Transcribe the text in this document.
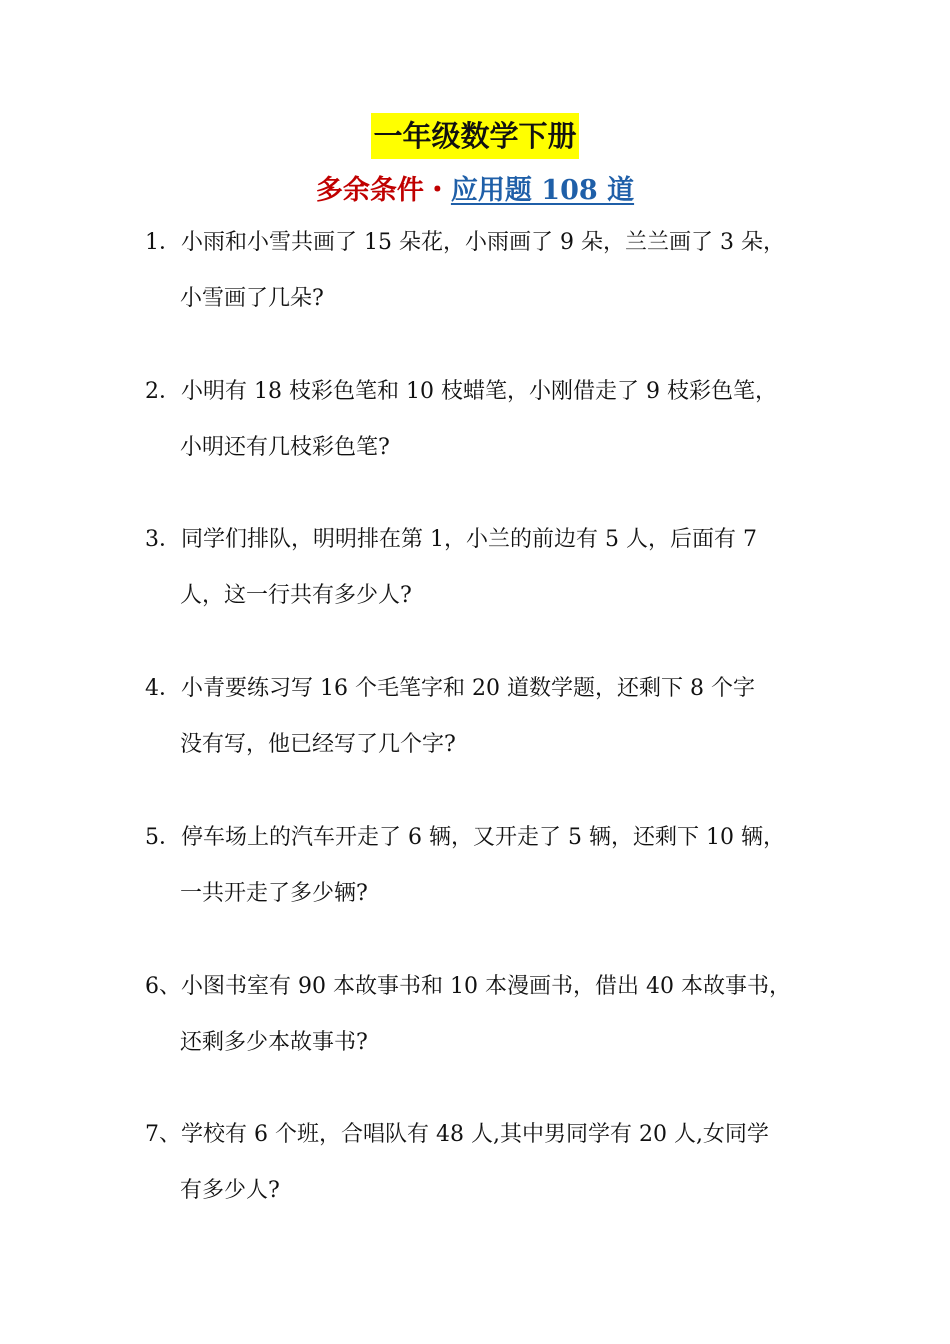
一年级数学下册
多余条件・应用题 108 道
1．小雨和小雪共画了 15 朵花，小雨画了 9 朵，兰兰画了 3 朵，
小雪画了几朵?
2．小明有 18 枝彩色笔和 10 枝蜡笔，小刚借走了 9 枝彩色笔，
小明还有几枝彩色笔?
3．同学们排队，明明排在第 1，小兰的前边有 5 人，后面有 7
人，这一行共有多少人?
4．小青要练习写 16 个毛笔字和 20 道数学题，还剩下 8 个字
没有写，他已经写了几个字?
5．停车场上的汽车开走了 6 辆，又开走了 5 辆，还剩下 10 辆，
一共开走了多少辆?
6、小图书室有 90 本故事书和 10 本漫画书，借出 40 本故事书，
还剩多少本故事书?
7、学校有 6 个班，合唱队有 48 人,其中男同学有 20 人,女同学
有多少人?
